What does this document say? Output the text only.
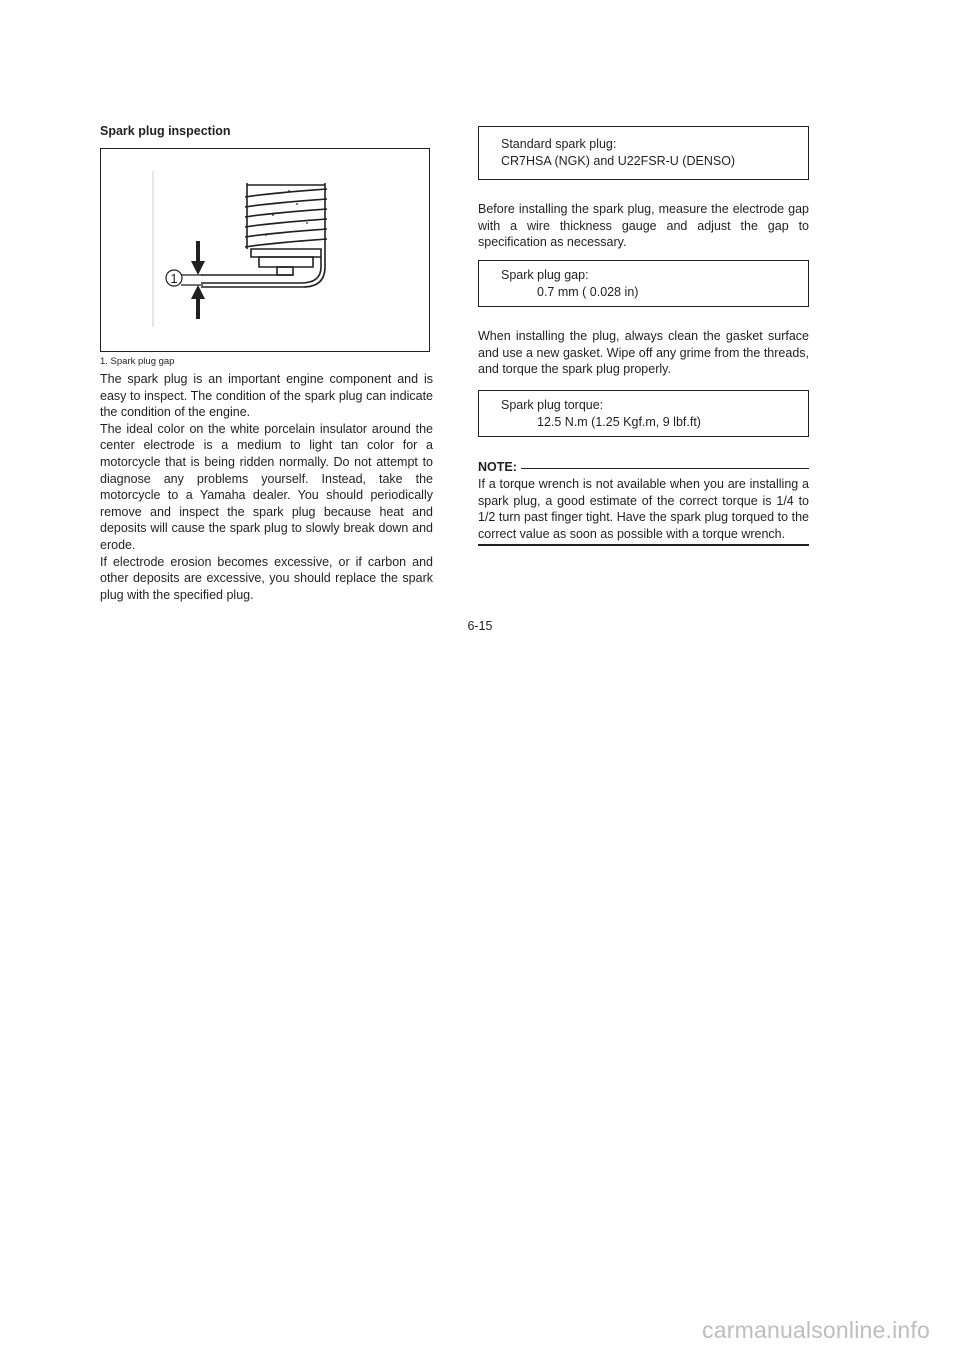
Spark plug inspection
1
1. Spark plug gap

The spark plug is an important engine component and is easy to inspect. The condition of the spark plug can indicate the condition of the engine.

The ideal color on the white porcelain insulator around the center electrode is a medium to light tan color for a motorcycle that is being ridden normally. Do not attempt to diagnose any problems yourself. Instead, take the motorcycle to a Yamaha dealer. You should periodically remove and inspect the spark plug because heat and deposits will cause the spark plug to slowly break down and erode.

If electrode erosion becomes excessive, or if carbon and other deposits are excessive, you should replace the spark plug with the specified plug.

Standard spark plug:
CR7HSA (NGK) and U22FSR-U (DENSO)

Before installing the spark plug, measure the electrode gap with a wire thickness gauge and adjust the gap to specification as necessary.

Spark plug gap:
0.7 mm ( 0.028 in)

When installing the plug, always clean the gasket surface and use a new gasket. Wipe off any grime from the threads, and torque the spark plug properly.

Spark plug torque:
12.5 N.m (1.25 Kgf.m, 9 lbf.ft)
NOTE:

If a torque wrench is not available when you are installing a spark plug, a good estimate of the correct torque is 1/4 to 1/2 turn past finger tight. Have the spark plug torqued to the correct value as soon as possible with a torque wrench.

6-15
carmanualsonline.info
